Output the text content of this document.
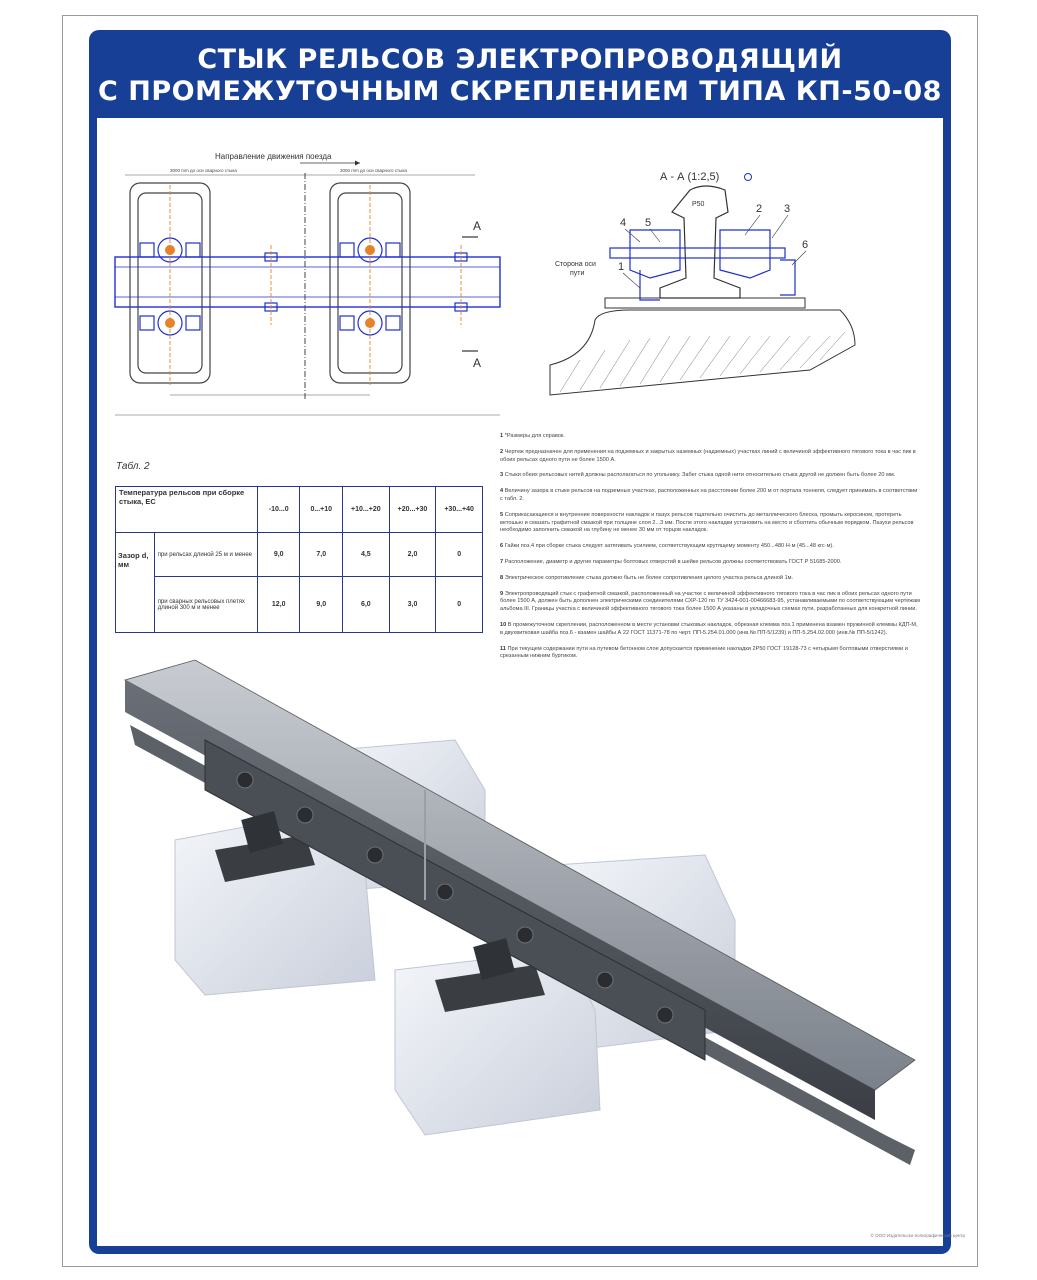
СТЫК РЕЛЬСОВ ЭЛЕКТРОПРОВОДЯЩИЙ
С ПРОМЕЖУТОЧНЫМ СКРЕПЛЕНИЕМ ТИПА КП-50-08
Направление движения поезда
3000 mm до оси сварного стыка	3000 mm до оси сварного стыка
А
А
А - А (1:2,5)
Сторона оси
пути
Р50
4 5
2 3
6
1
Табл. 2
Температура рельсов при сборке стыка, ЕС		-10...0	0...+10	+10...+20	+20...+30	+30...+40
Зазор d, мм	при рельсах длиной 25 м и менее	9,0	7,0	4,5	2,0	0
	при сварных рельсовых плетях длиной 300 м и менее	12,0	9,0	6,0	3,0	0

1 *Размеры для справок.

2 Чертеж предназначен для применения на подземных и закрытых наземных (надземных) участках линий с величиной эффективного тягового тока в час пик в обоих рельсах одного пути не более 1500 А.

3 Стыки обеих рельсовых нитей должны располагаться по угольнику. Забег стыка одной нити относительно стыка другой не должен быть более 20 мм.

4 Величину зазора в стыке рельсов на подземных участках, расположенных на расстоянии более 200 м от портала тоннеля, следует принимать в соответствии с табл. 2.

5 Соприкасающиеся и внутренние поверхности накладок и пазух рельсов тщательно очистить до металлического блеска, промыть керосином, протереть ветошью и смазать графитной смазкой при толщине слоя 2...3 мм. После этого накладки установить на место и сболтить обычным порядком. Пазухи рельсов необходимо заполнить смазкой на глубину не менее 30 мм от торцов накладок.

6 Гайки поз.4 при сборке стыка следует затягивать усилием, соответствующим крутящему моменту 450...480 Н·м (45...48 кгс·м).

7 Расположение, диаметр и другие параметры болтовых отверстий в шейке рельсов должны соответствовать ГОСТ Р 51685-2000.

8 Электрическое сопротивление стыка должно быть не более сопротивления целого участка рельса длиной 1м.

9 Электропроводящий стык с графитной смазкой, расположенный на участке с величиной эффективного тягового тока в час пик в обоих рельсах одного пути более 1500 А, должен быть дополнен электрическими соединителями СХР-120 по ТУ 3424-001-00466683-95, устанавливаемыми по соответствующим чертежам альбома III. Границы участка с величиной эффективного тягового тока более 1500 А указаны в укладочных схемах пути, разработанных для конкретной линии.

10 В промежуточном скреплении, расположенном в месте установки стыковых накладок, обрезная клемма поз.1 применена взамен пружинной клеммы КДП-М, в двухвитковая шайба поз.6 - взамен шайбы А 22 ГОСТ 11371-78 по черт. ПП-5.254.01.000 (инв.№ ПП-5/1239) и ПП-5.254.02.000 (инв.№ ПП-5/1242).

11 При текущем содержании пути на путевом бетонном слое допускается применение накладки 2Р50 ГОСТ 19128-73 с четырьмя болтовыми отверстиями и срезанным нижним буртиком.

© ООО Издательско-полиграфический центр
